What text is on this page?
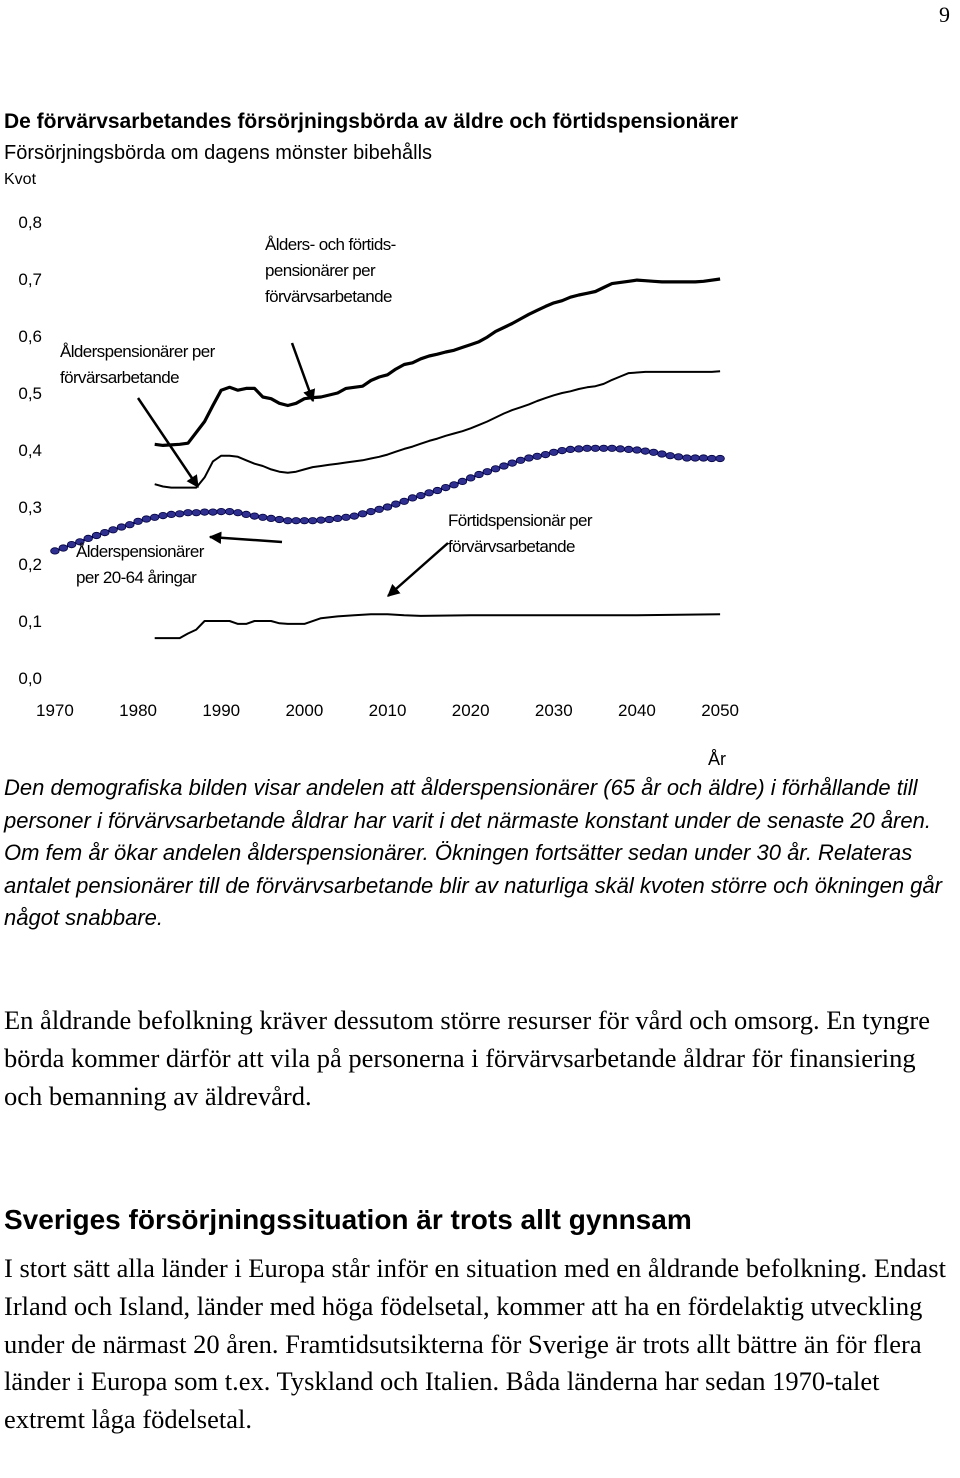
9
De förvärvsarbetandes försörjningsbörda av äldre och förtidspensionärer
Försörjningsbörda om dagens mönster bibehålls
Kvot
0,0
0,1
0,2
0,3
0,4
0,5
0,6
0,7
0,8
1970	1980	1990	2000	2010	2020	2030	2040	2050
Ålders- och förtids- pensionärer per förvärvsarbetande
Ålderspensionärer per förvärsarbetande
Ålderspensionärer per 20-64 åringar
Förtidspensionär per förvärvsarbetande
År
Den demografiska bilden visar andelen att ålderspensionärer (65 år och äldre) i förhållande till personer i förvärvsarbetande åldrar har varit i det närmaste konstant under de senaste 20 åren. Om fem år ökar andelen ålderspensionärer. Ökningen fortsätter sedan under 30 år. Relateras antalet pensionärer till de förvärvsarbetande blir av naturliga skäl kvoten större och ökningen går något snabbare.
En åldrande befolkning kräver dessutom större resurser för vård och omsorg. En tyngre börda kommer därför att vila på personerna i förvärvsarbetande åldrar för finansiering och bemanning av äldrevård.
Sveriges försörjningssituation är trots allt gynnsam
I stort sätt alla länder i Europa står inför en situation med en åldrande befolkning. Endast Irland och Island, länder med höga födelsetal, kommer att ha en fördelaktig utveckling under de närmast 20 åren. Framtidsutsikterna för Sverige är trots allt bättre än för flera länder i Europa som t.ex. Tyskland och Italien. Båda länderna har sedan 1970-talet extremt låga födelsetal.
